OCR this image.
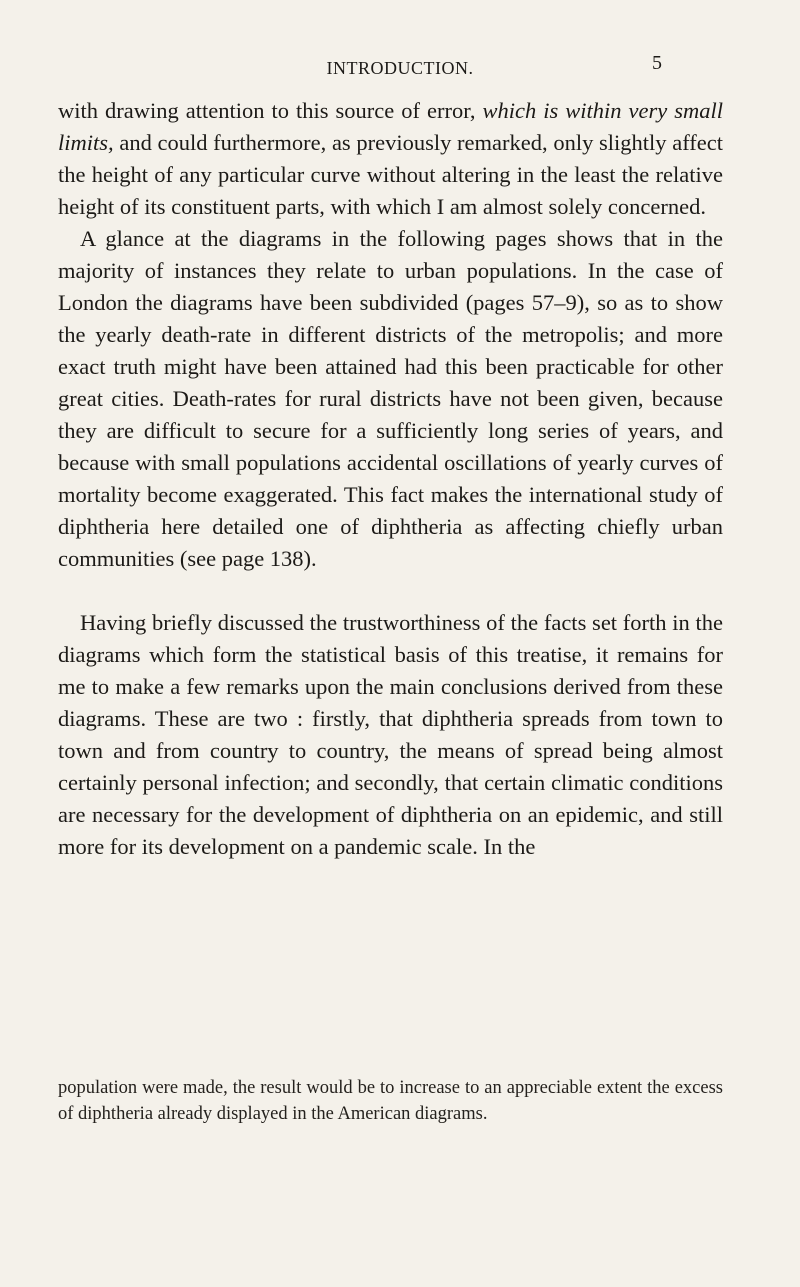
INTRODUCTION.	5

with drawing attention to this source of error, which is within very small limits, and could furthermore, as previously remarked, only slightly affect the height of any particular curve without altering in the least the relative height of its constituent parts, with which I am almost solely concerned.

A glance at the diagrams in the following pages shows that in the majority of instances they relate to urban populations. In the case of London the diagrams have been subdivided (pages 57–9), so as to show the yearly death-rate in different districts of the metropolis; and more exact truth might have been attained had this been practicable for other great cities. Death-rates for rural districts have not been given, because they are difficult to secure for a sufficiently long series of years, and because with small populations accidental oscillations of yearly curves of mortality become exaggerated. This fact makes the international study of diphtheria here detailed one of diphtheria as affecting chiefly urban communities (see page 138).

Having briefly discussed the trustworthiness of the facts set forth in the diagrams which form the statistical basis of this treatise, it remains for me to make a few remarks upon the main conclusions derived from these diagrams. These are two : firstly, that diphtheria spreads from town to town and from country to country, the means of spread being almost certainly personal infection; and secondly, that certain climatic conditions are necessary for the development of diphtheria on an epidemic, and still more for its development on a pandemic scale. In the

population were made, the result would be to increase to an appreciable extent the excess of diphtheria already displayed in the American diagrams.
